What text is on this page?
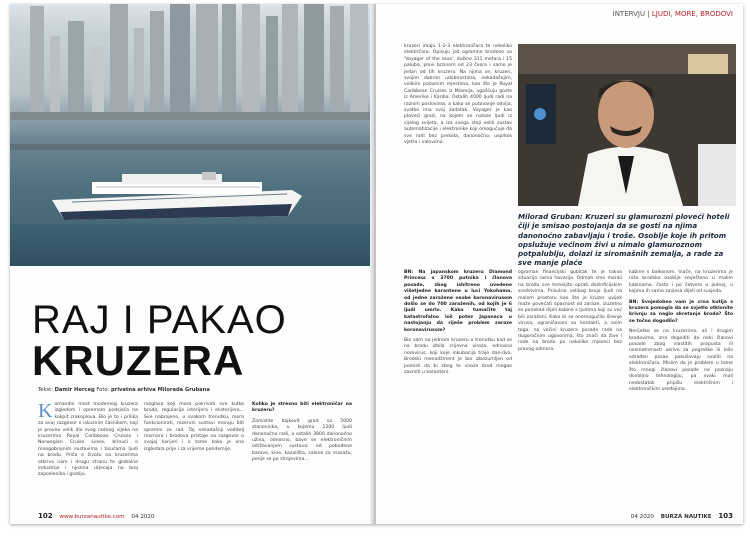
RAJ I PAKAO
KRUZERA
Tekst: Damir Herceg Foto: privatna arhiva Milorada Grubana
Komandni most modernog kruzera izgledom i opremom podsjeća na kokpit zrakoplova. Bio je to i prilika za ovaj razgovor s iskusnim časnikom, koji je proveo velik dio svog radnog vijeka na kruzerima Royal Caribbean Cruises i Norwegian Cruise Linea, brinući o mnogobrojnim sustavima i tisućama ljudi na brodu. Priča o životu na kruzerima otkriva nam i drugu stranu te globalne industrije i njezina utjecaja na broj zaposlenika i gostiju.
razglasa koji mora pokrivati sve kutke broda, regulacije interijera i eksterijera... Sve nabrojeno, u svakom trenutku, mora funkcionirati, rezervni sustavi moraju biti spremni za rad. Taj nekadašnji voditelj mornara i brodova pristaje na razgovor o svojoj karijeri i o tome kako je ona izgledala prije i za vrijeme pandemije.
Koliko je stresno biti elektroničar na kruzeru?
Zamislite bajkovit grad sa 5000 stanovnika, u kojemu 1200 ljudi danonoćno radi, a ostalih 3800 danonoćno uživa, odnosno, bave se elektroničnim održavanjem sustava: od pobuđene barove, kine, kazališta, salone za masažu, penje se po strojevima...
102 www.burzanautike.com 04 2020
INTERVJU | LJUDI, MORE, BRODOVI
kruzeri imaju 1-2-3 elektroničara te nekoliko električara. Opisuju još ogromne brodove sa 'Voyager of the seas', dužine 311 metara i 15 paluba, plovi brzinom od 23 čvora i samo je jedan od tih kruzera. Na njima se, kruzeri, svojim dobrim udobnostima, nekadašnjim, velikim polaznim mjestima, kao što je Royal Caribbean Cruises iz Miamija, ugošćuju goste iz Amerike i Kariba. Ostalih 4000 ljudi radi na raznim poslovima, a kako se putovanje odvija, svatko ima svoj zadatak. Voyager je kao ploveći grad, na kojem se nalaze ljudi iz cijelog svijeta, a iza svega stoji velik sustav automatizacije i elektronike koji omogućuje da sve radi bez prekida, danonoćno, usprkos vjetru i valovima.
Milorad Gruban: Kruzeri su glamurozni ploveći hoteli čiji je smisao postojanja da se gosti na njima danonoćno zabavljaju i troše. Osoblje koje ih pritom opslužuje većinom živi u nimalo glamuroznom potpalublju, dolazi iz siromašnih zemalja, a rade za sve manje plaće
BN: Na japanskom kruzeru Diamond Princess s 3700 putnika i članova posade, zbog ishitreno uvedene višetjedne karantene u luci Yokohama, od jedne zaražene osobe koronavirusom došlo se do 700 zaraženih, od kojih je 6 ljudi umrlo. Kako tumačite taj katastrofalno loš potez Japanaca u nastojanju da riješe problem zaraze koronavirusom?
Bio sam na jednom kruzeru u trenutku kad se na brodu izbila crijevna viroza, odnosno norovirus, koji koje inkubacija traje dan-dva. Brodski menadžment je bio izbezumljen od pomisli da bi zbog te viroze brod mogao zavrsiti u karanteni.
ogroman financijski gubitak te je takva situacija rasna havarija. Odmah smo morali na brodu sve temeljito oprati dezinficijskim sredstvima. Prisutno velikog broja ljudi na malom prostoru kao što je kruzer uvijek može povećati opasnost od zaraze, izuzetno se ponekad dijeli kabine s ljudima koji su već bili zaraženi. Kako bi se onemogućilo širenje virusa, ograničavani su kontakti, a osim toga, na većini kruzera posade rade na dugoročnim ugovorima, što znači da žive i rade na brodu po nekoliko mjeseci bez pravog odmora.
kabine s balkonom. Inače, na kruzerima je niže brodsko osoblje smješteno u malim kabinama, često i po četvero u jednoj, u kojima ih samo zavjesa dijeli od susjeda.
BN: Svojedobno vam je crna kutija s kruzera pomogla da se svjetlo otklonite krivnju za naglo skretanje broda? Što se točno dogodilo?
Nerijetko se na kruzerima, ali i drugim brodovima, zna dogoditi da neki članovi posade zbog vlastitih propusta ili nesmotrenosti okrive za pogreške ili loše odrađen posao pokušavaju svaliti na elektroničara. Mislim da je problem u tome što mnogi članovi posade ne poznaju dovoljno tehnologiju, pa svaki mali nedostatak pripišu električnim i elektroničkim uređajima.
04 2020 BURZA NAUTIKE 103
